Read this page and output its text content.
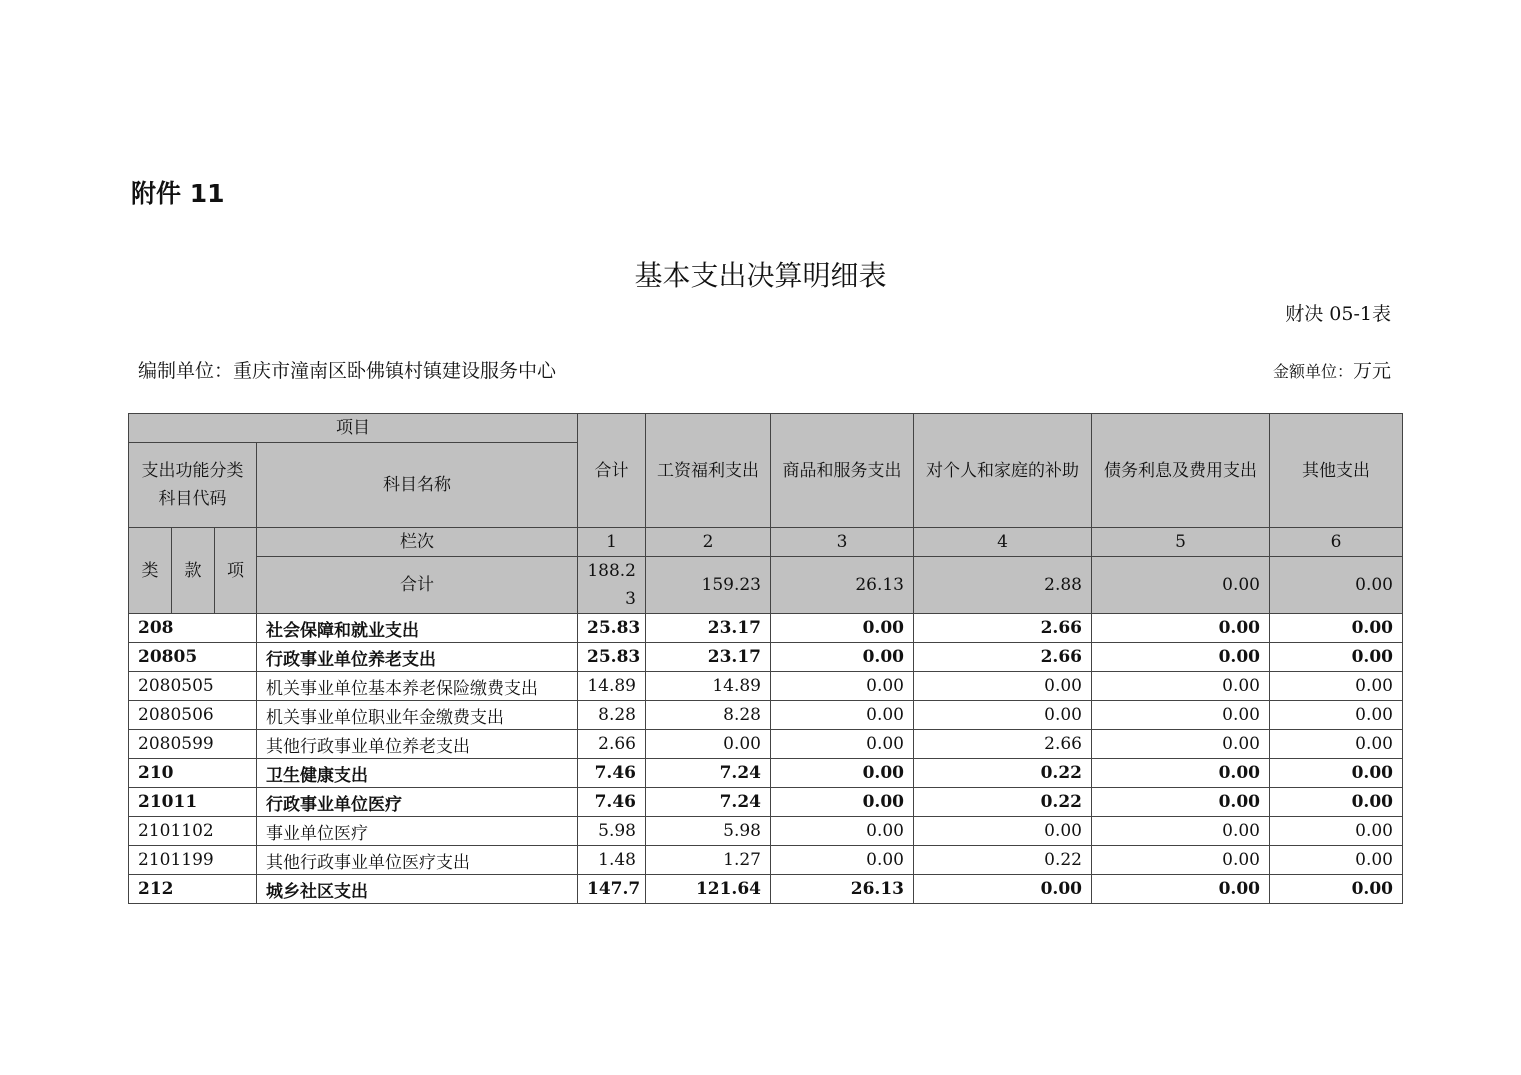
附件 11
基本支出决算明细表
财决 05-1表
编制单位：重庆市潼南区卧佛镇村镇建设服务中心	金额单位：万元
项目				合计	工资福利支出	商品和服务支出	对个人和家庭的补助	债务利息及费用支出	其他支出
支出功能分类科目代码			科目名称						
类	款	项	栏次	1	2	3	4	5	6
			合计	188.23	159.23	26.13	2.88	0.00	0.00
208			社会保障和就业支出	25.83	23.17	0.00	2.66	0.00	0.00
20805			行政事业单位养老支出	25.83	23.17	0.00	2.66	0.00	0.00
2080505			机关事业单位基本养老保险缴费支出	14.89	14.89	0.00	0.00	0.00	0.00
2080506			机关事业单位职业年金缴费支出	8.28	8.28	0.00	0.00	0.00	0.00
2080599			其他行政事业单位养老支出	2.66	0.00	0.00	2.66	0.00	0.00
210			卫生健康支出	7.46	7.24	0.00	0.22	0.00	0.00
21011			行政事业单位医疗	7.46	7.24	0.00	0.22	0.00	0.00
2101102			事业单位医疗	5.98	5.98	0.00	0.00	0.00	0.00
2101199			其他行政事业单位医疗支出	1.48	1.27	0.00	0.22	0.00	0.00
212			城乡社区支出	147.7	121.64	26.13	0.00	0.00	0.00
